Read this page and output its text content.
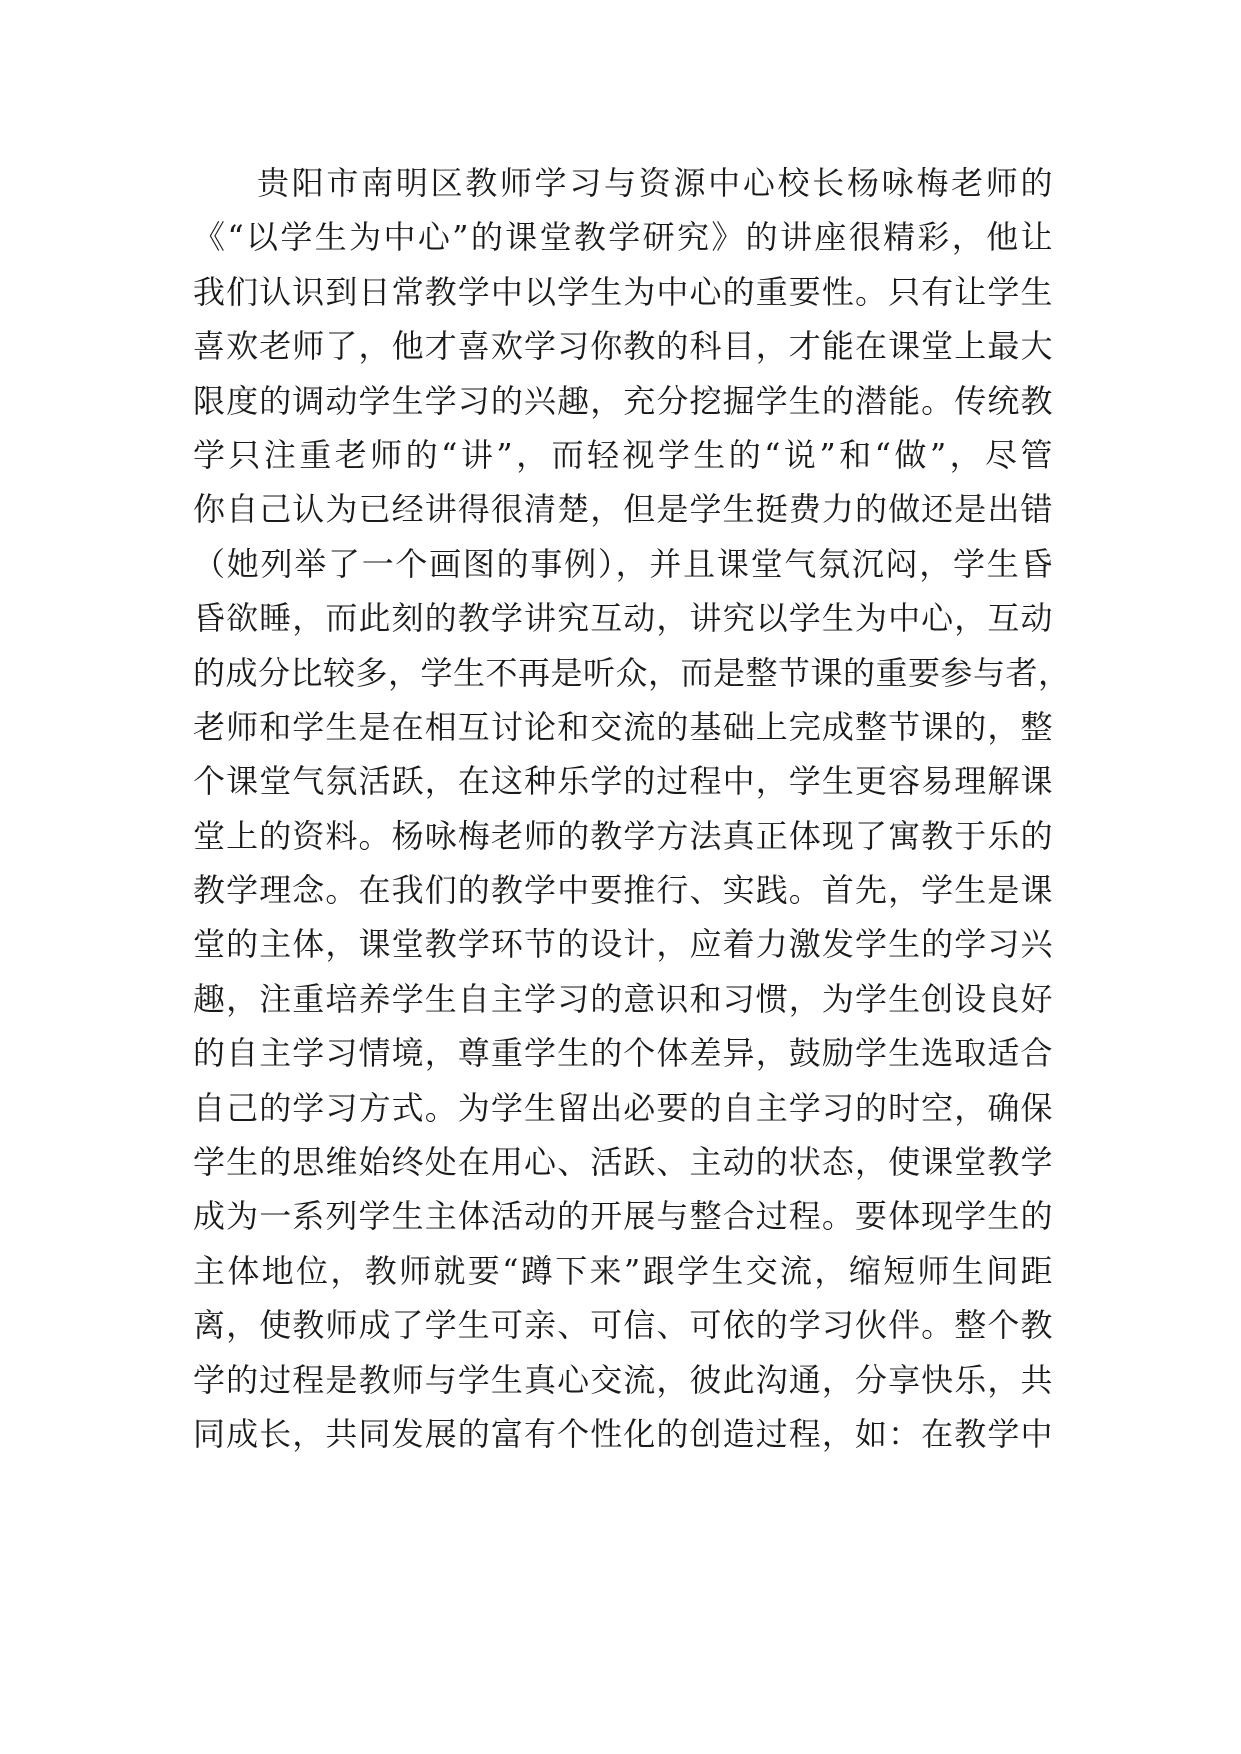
贵阳市南明区教师学习与资源中心校长杨咏梅老师的
《“以学生为中心”的课堂教学研究》的讲座很精彩，他让
我们认识到日常教学中以学生为中心的重要性。只有让学生
喜欢老师了，他才喜欢学习你教的科目，才能在课堂上最大
限度的调动学生学习的兴趣，充分挖掘学生的潜能。传统教
学只注重老师的“讲”，而轻视学生的“说”和“做”，尽管
你自己认为已经讲得很清楚，但是学生挺费力的做还是出错
（她列举了一个画图的事例），并且课堂气氛沉闷，学生昏
昏欲睡，而此刻的教学讲究互动，讲究以学生为中心，互动
的成分比较多，学生不再是听众，而是整节课的重要参与者，
老师和学生是在相互讨论和交流的基础上完成整节课的，整
个课堂气氛活跃，在这种乐学的过程中，学生更容易理解课
堂上的资料。杨咏梅老师的教学方法真正体现了寓教于乐的
教学理念。在我们的教学中要推行、实践。首先，学生是课
堂的主体，课堂教学环节的设计，应着力激发学生的学习兴
趣，注重培养学生自主学习的意识和习惯，为学生创设良好
的自主学习情境，尊重学生的个体差异，鼓励学生选取适合
自己的学习方式。为学生留出必要的自主学习的时空，确保
学生的思维始终处在用心、活跃、主动的状态，使课堂教学
成为一系列学生主体活动的开展与整合过程。要体现学生的
主体地位，教师就要“蹲下来”跟学生交流，缩短师生间距
离，使教师成了学生可亲、可信、可依的学习伙伴。整个教
学的过程是教师与学生真心交流，彼此沟通，分享快乐，共
同成长，共同发展的富有个性化的创造过程，如：在教学中
